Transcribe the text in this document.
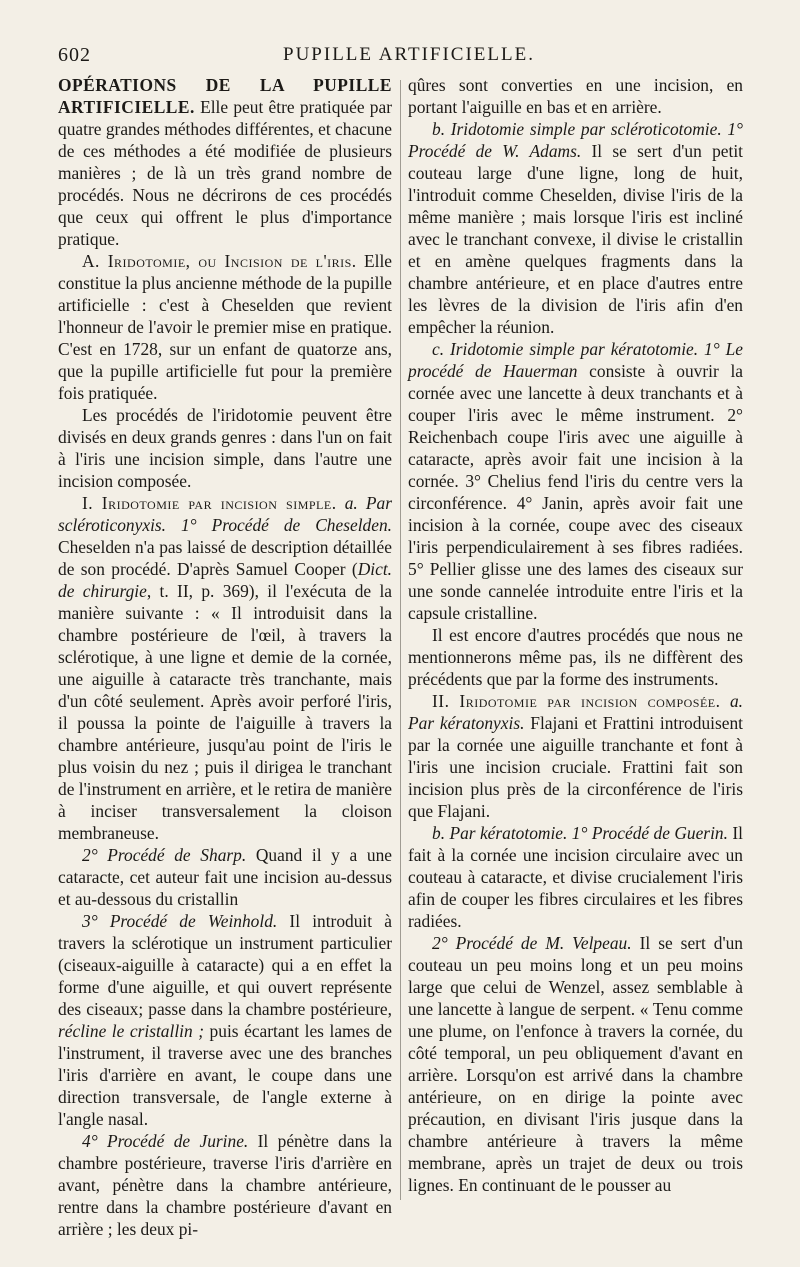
602	PUPILLE ARTIFICIELLE.

OPÉRATIONS DE LA PUPILLE ARTIFICIELLE. Elle peut être pratiquée par quatre grandes méthodes différentes, et chacune de ces méthodes a été modifiée de plusieurs manières ; de là un très grand nombre de procédés. Nous ne décrirons de ces procédés que ceux qui offrent le plus d'importance pratique.

A. Iridotomie, ou Incision de l'iris. Elle constitue la plus ancienne méthode de la pupille artificielle : c'est à Cheselden que revient l'honneur de l'avoir le premier mise en pratique. C'est en 1728, sur un enfant de quatorze ans, que la pupille artificielle fut pour la première fois pratiquée.

Les procédés de l'iridotomie peuvent être divisés en deux grands genres : dans l'un on fait à l'iris une incision simple, dans l'autre une incision composée.

I. Iridotomie par incision simple. a. Par scléroticonyxis. 1° Procédé de Cheselden. Cheselden n'a pas laissé de description détaillée de son procédé. D'après Samuel Cooper (Dict. de chirurgie, t. II, p. 369), il l'exécuta de la manière suivante : « Il introduisit dans la chambre postérieure de l'œil, à travers la sclérotique, à une ligne et demie de la cornée, une aiguille à cataracte très tranchante, mais d'un côté seulement. Après avoir perforé l'iris, il poussa la pointe de l'aiguille à travers la chambre antérieure, jusqu'au point de l'iris le plus voisin du nez ; puis il dirigea le tranchant de l'instrument en arrière, et le retira de manière à inciser transversalement la cloison membraneuse.

2° Procédé de Sharp. Quand il y a une cataracte, cet auteur fait une incision au-dessus et au-dessous du cristallin

3° Procédé de Weinhold. Il introduit à travers la sclérotique un instrument particulier (ciseaux-aiguille à cataracte) qui a en effet la forme d'une aiguille, et qui ouvert représente des ciseaux; passe dans la chambre postérieure, récline le cristallin ; puis écartant les lames de l'instrument, il traverse avec une des branches l'iris d'arrière en avant, le coupe dans une direction transversale, de l'angle externe à l'angle nasal.

4° Procédé de Jurine. Il pénètre dans la chambre postérieure, traverse l'iris d'arrière en avant, pénètre dans la chambre antérieure, rentre dans la chambre postérieure d'avant en arrière ; les deux pi-

qûres sont converties en une incision, en portant l'aiguille en bas et en arrière.

b. Iridotomie simple par scléroticotomie. 1° Procédé de W. Adams. Il se sert d'un petit couteau large d'une ligne, long de huit, l'introduit comme Cheselden, divise l'iris de la même manière ; mais lorsque l'iris est incliné avec le tranchant convexe, il divise le cristallin et en amène quelques fragments dans la chambre antérieure, et en place d'autres entre les lèvres de la division de l'iris afin d'en empêcher la réunion.

c. Iridotomie simple par kératotomie. 1° Le procédé de Hauerman consiste à ouvrir la cornée avec une lancette à deux tranchants et à couper l'iris avec le même instrument. 2° Reichenbach coupe l'iris avec une aiguille à cataracte, après avoir fait une incision à la cornée. 3° Chelius fend l'iris du centre vers la circonférence. 4° Janin, après avoir fait une incision à la cornée, coupe avec des ciseaux l'iris perpendiculairement à ses fibres radiées. 5° Pellier glisse une des lames des ciseaux sur une sonde cannelée introduite entre l'iris et la capsule cristalline.

Il est encore d'autres procédés que nous ne mentionnerons même pas, ils ne diffèrent des précédents que par la forme des instruments.

II. Iridotomie par incision composée. a. Par kératonyxis. Flajani et Frattini introduisent par la cornée une aiguille tranchante et font à l'iris une incision cruciale. Frattini fait son incision plus près de la circonférence de l'iris que Flajani.

b. Par kératotomie. 1° Procédé de Guerin. Il fait à la cornée une incision circulaire avec un couteau à cataracte, et divise crucialement l'iris afin de couper les fibres circulaires et les fibres radiées.

2° Procédé de M. Velpeau. Il se sert d'un couteau un peu moins long et un peu moins large que celui de Wenzel, assez semblable à une lancette à langue de serpent. « Tenu comme une plume, on l'enfonce à travers la cornée, du côté temporal, un peu obliquement d'avant en arrière. Lorsqu'on est arrivé dans la chambre antérieure, on en dirige la pointe avec précaution, en divisant l'iris jusque dans la chambre antérieure à travers la même membrane, après un trajet de deux ou trois lignes. En continuant de le pousser au
